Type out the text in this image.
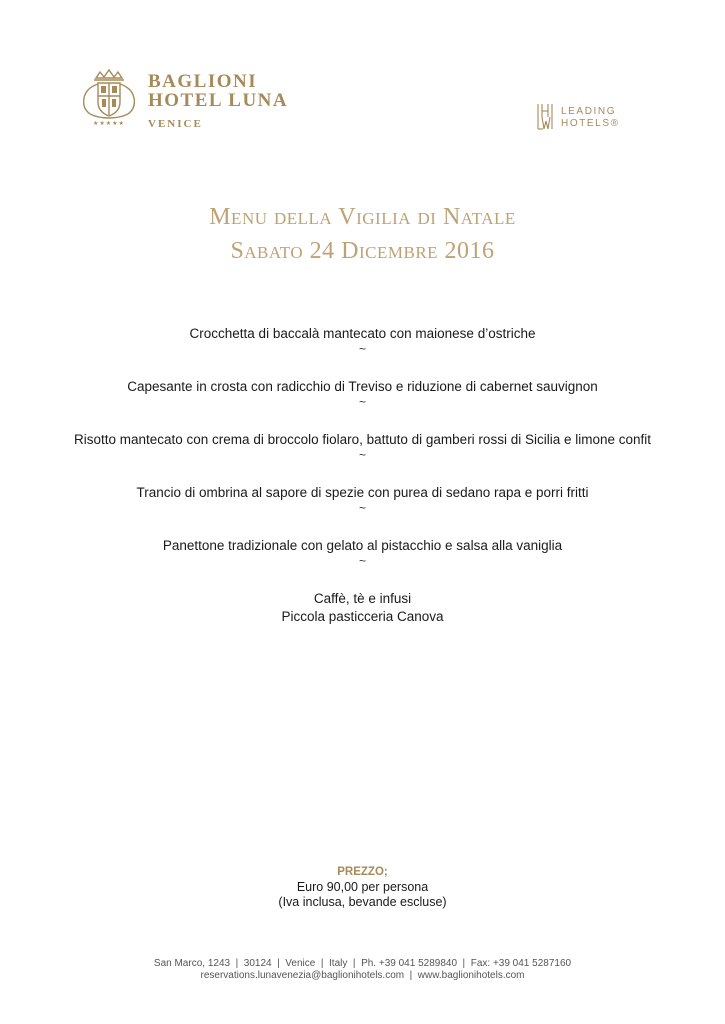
★★★★★
BAGLIONI
HOTEL LUNA
VENICE
LEADING
HOTELS®
Menu della Vigilia di Natale
Sabato 24 Dicembre 2016
Crocchetta di baccalà mantecato con maionese d’ostriche
~
Capesante in crosta con radicchio di Treviso e riduzione di cabernet sauvignon
~
Risotto mantecato con crema di broccolo fiolaro, battuto di gamberi rossi di Sicilia e limone confit
~
Trancio di ombrina al sapore di spezie con purea di sedano rapa e porri fritti
~
Panettone tradizionale con gelato al pistacchio e salsa alla vaniglia
~
Caffè, tè e infusi
Piccola pasticceria Canova
PREZZO;
Euro 90,00 per persona
(Iva inclusa, bevande escluse)
San Marco, 1243  |  30124  |  Venice  |  Italy  |  Ph. +39 041 5289840  |  Fax: +39 041 5287160
reservations.lunavenezia@baglionihotels.com  |  www.baglionihotels.com
